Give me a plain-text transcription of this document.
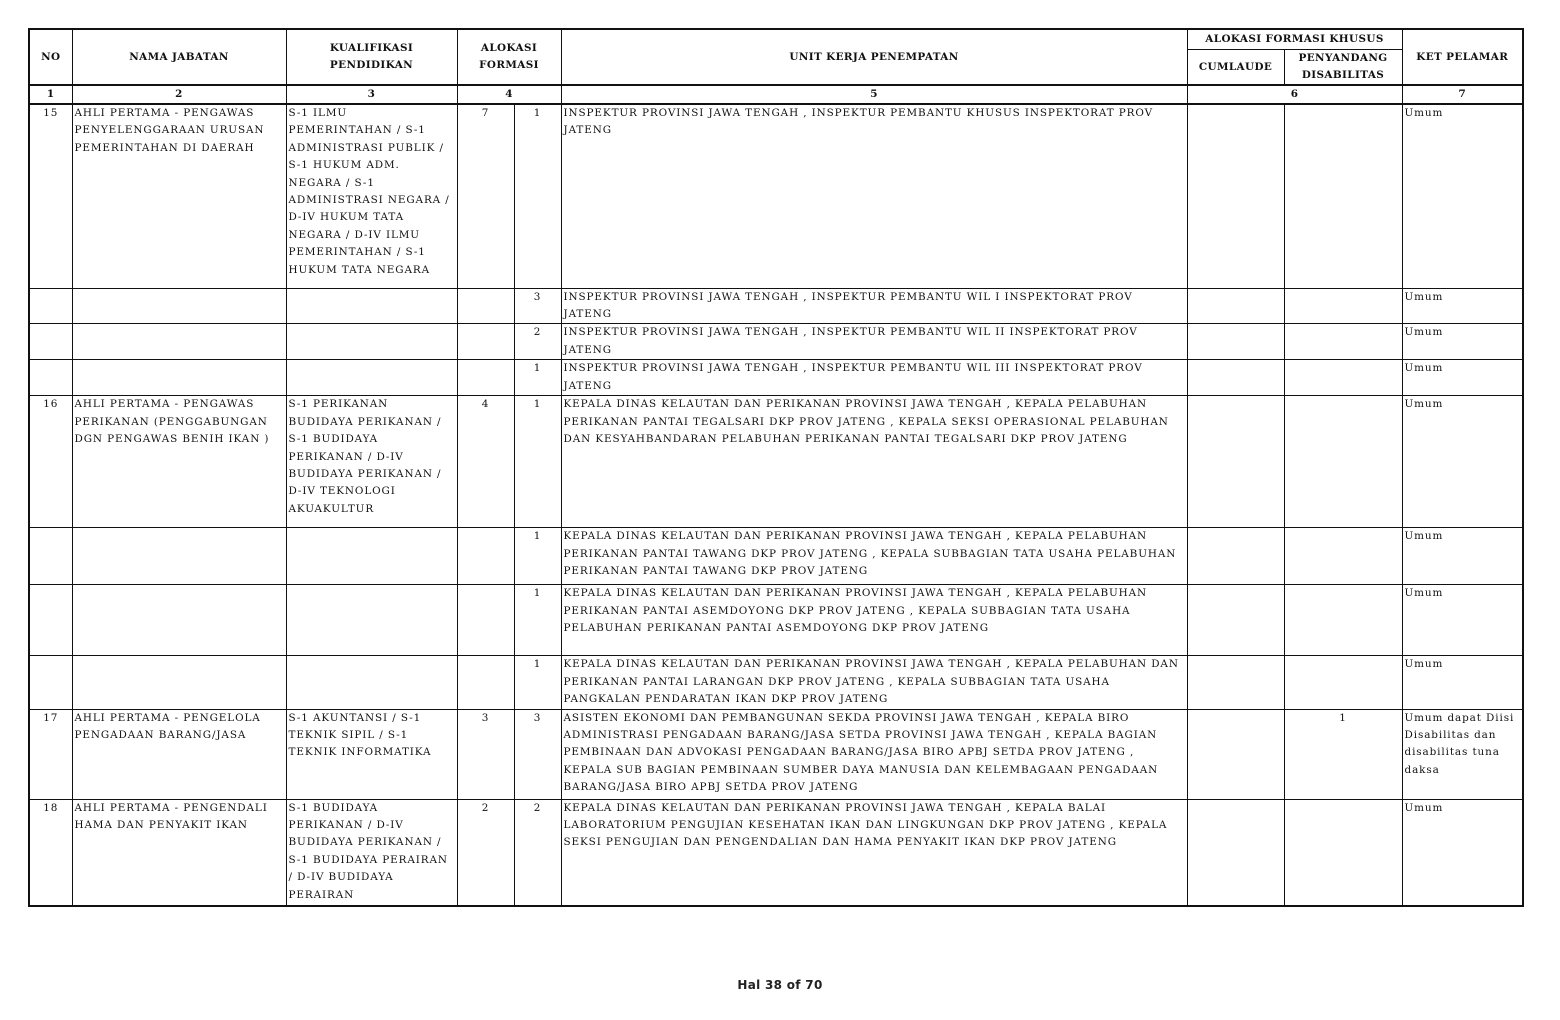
NO	NAMA JABATAN	KUALIFIKASI PENDIDIKAN	ALOKASI FORMASI		UNIT KERJA PENEMPATAN	ALOKASI FORMASI KHUSUS		KET PELAMAR
						CUMLAUDE	PENYANDANG DISABILITAS	
1	2	3	4		5	6		7
15	AHLI PERTAMA - PENGAWAS PENYELENGGARAAN URUSAN PEMERINTAHAN DI DAERAH	S-1 ILMU PEMERINTAHAN / S-1 ADMINISTRASI PUBLIK / S-1 HUKUM ADM. NEGARA / S-1 ADMINISTRASI NEGARA / D-IV HUKUM TATA NEGARA / D-IV ILMU PEMERINTAHAN / S-1 HUKUM TATA NEGARA	7	1	INSPEKTUR PROVINSI JAWA TENGAH , INSPEKTUR PEMBANTU KHUSUS INSPEKTORAT PROV JATENG			Umum
				3	INSPEKTUR PROVINSI JAWA TENGAH , INSPEKTUR PEMBANTU WIL I INSPEKTORAT PROV JATENG			Umum
				2	INSPEKTUR PROVINSI JAWA TENGAH , INSPEKTUR PEMBANTU WIL II INSPEKTORAT PROV JATENG			Umum
				1	INSPEKTUR PROVINSI JAWA TENGAH , INSPEKTUR PEMBANTU WIL III INSPEKTORAT PROV JATENG			Umum
16	AHLI PERTAMA - PENGAWAS PERIKANAN (PENGGABUNGAN DGN PENGAWAS BENIH IKAN )	S-1 PERIKANAN BUDIDAYA PERIKANAN / S-1 BUDIDAYA PERIKANAN / D-IV BUDIDAYA PERIKANAN / D-IV TEKNOLOGI AKUAKULTUR	4	1	KEPALA DINAS KELAUTAN DAN PERIKANAN PROVINSI JAWA TENGAH , KEPALA PELABUHAN PERIKANAN PANTAI TEGALSARI DKP PROV JATENG , KEPALA SEKSI OPERASIONAL PELABUHAN DAN KESYAHBANDARAN PELABUHAN PERIKANAN PANTAI TEGALSARI DKP PROV JATENG			Umum
				1	KEPALA DINAS KELAUTAN DAN PERIKANAN PROVINSI JAWA TENGAH , KEPALA PELABUHAN PERIKANAN PANTAI TAWANG DKP PROV JATENG , KEPALA SUBBAGIAN TATA USAHA PELABUHAN PERIKANAN PANTAI TAWANG DKP PROV JATENG			Umum
				1	KEPALA DINAS KELAUTAN DAN PERIKANAN PROVINSI JAWA TENGAH , KEPALA PELABUHAN PERIKANAN PANTAI ASEMDOYONG DKP PROV JATENG , KEPALA SUBBAGIAN TATA USAHA PELABUHAN PERIKANAN PANTAI ASEMDOYONG DKP PROV JATENG			Umum
				1	KEPALA DINAS KELAUTAN DAN PERIKANAN PROVINSI JAWA TENGAH , KEPALA PELABUHAN DAN PERIKANAN PANTAI LARANGAN DKP PROV JATENG , KEPALA SUBBAGIAN TATA USAHA PANGKALAN PENDARATAN IKAN DKP PROV JATENG			Umum
17	AHLI PERTAMA - PENGELOLA PENGADAAN BARANG/JASA	S-1 AKUNTANSI / S-1 TEKNIK SIPIL / S-1 TEKNIK INFORMATIKA	3	3	ASISTEN EKONOMI DAN PEMBANGUNAN SEKDA PROVINSI JAWA TENGAH , KEPALA BIRO ADMINISTRASI PENGADAAN BARANG/JASA SETDA PROVINSI JAWA TENGAH , KEPALA BAGIAN PEMBINAAN DAN ADVOKASI PENGADAAN BARANG/JASA BIRO APBJ SETDA PROV JATENG , KEPALA SUB BAGIAN PEMBINAAN SUMBER DAYA MANUSIA DAN KELEMBAGAAN PENGADAAN BARANG/JASA BIRO APBJ SETDA PROV JATENG		1	Umum dapat Diisi Disabilitas dan disabilitas tuna daksa
18	AHLI PERTAMA - PENGENDALI HAMA DAN PENYAKIT IKAN	S-1 BUDIDAYA PERIKANAN / D-IV BUDIDAYA PERIKANAN / S-1 BUDIDAYA PERAIRAN / D-IV BUDIDAYA PERAIRAN	2	2	KEPALA DINAS KELAUTAN DAN PERIKANAN PROVINSI JAWA TENGAH , KEPALA BALAI LABORATORIUM PENGUJIAN KESEHATAN IKAN DAN LINGKUNGAN DKP PROV JATENG , KEPALA SEKSI PENGUJIAN DAN PENGENDALIAN DAN HAMA PENYAKIT IKAN DKP PROV JATENG			Umum
Hal 38 of 70
